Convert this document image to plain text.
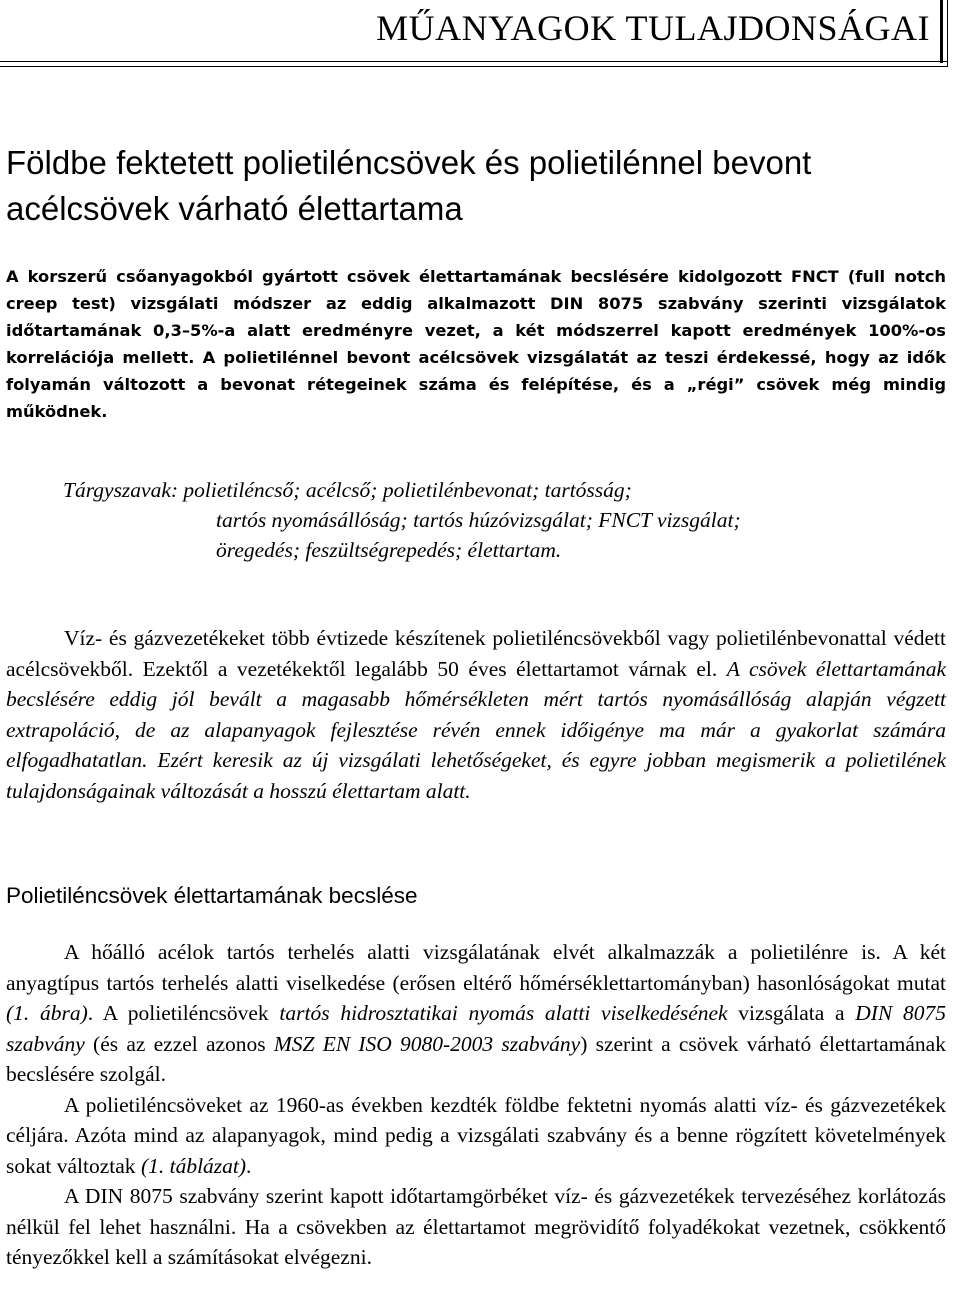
MŰANYAGOK TULAJDONSÁGAI
Földbe fektetett polietiléncsövek és polietilénnel bevont
acélcsövek várható élettartama

A korszerű csőanyagokból gyártott csövek élettartamának becslésére kidolgozott FNCT (full notch creep test) vizsgálati módszer az eddig alkalmazott DIN 8075 szabvány szerinti vizsgálatok időtartamának 0,3–5%-a alatt eredményre vezet, a két módszerrel kapott eredmények 100%-os korrelációja mellett. A polietilénnel bevont acélcsövek vizsgálatát az teszi érdekessé, hogy az idők folyamán változott a bevonat rétegeinek száma és felépítése, és a „régi” csövek még mindig működnek.

Tárgyszavak: polietiléncső; acélcső; polietilénbevonat; tartósság;
tartós nyomásállóság; tartós húzóvizsgálat; FNCT vizsgálat;
öregedés; feszültségrepedés; élettartam.

Víz- és gázvezetékeket több évtizede készítenek polietiléncsövekből vagy polietilénbevonattal védett acélcsövekből. Ezektől a vezetékektől legalább 50 éves élettartamot várnak el. A csövek élettartamának becslésére eddig jól bevált a magasabb hőmérsékleten mért tartós nyomásállóság alapján végzett extrapoláció, de az alapanyagok fejlesztése révén ennek időigénye ma már a gyakorlat számára elfogadhatatlan. Ezért keresik az új vizsgálati lehetőségeket, és egyre jobban megismerik a polietilének tulajdonságainak változását a hosszú élettartam alatt.

Polietiléncsövek élettartamának becslése

A hőálló acélok tartós terhelés alatti vizsgálatának elvét alkalmazzák a polietilénre is. A két anyagtípus tartós terhelés alatti viselkedése (erősen eltérő hőmérséklettartományban) hasonlóságokat mutat (1. ábra). A polietiléncsövek tartós hidrosztatikai nyomás alatti viselkedésének vizsgálata a DIN 8075 szabvány (és az ezzel azonos MSZ EN ISO 9080-2003 szabvány) szerint a csövek várható élettartamának becslésére szolgál.

A polietiléncsöveket az 1960-as években kezdték földbe fektetni nyomás alatti víz- és gázvezetékek céljára. Azóta mind az alapanyagok, mind pedig a vizsgálati szabvány és a benne rögzített követelmények sokat változtak (1. táblázat).

A DIN 8075 szabvány szerint kapott időtartamgörbéket víz- és gázvezetékek tervezéséhez korlátozás nélkül fel lehet használni. Ha a csövekben az élettartamot megrövidítő folyadékokat vezetnek, csökkentő tényezőkkel kell a számításokat elvégezni.
